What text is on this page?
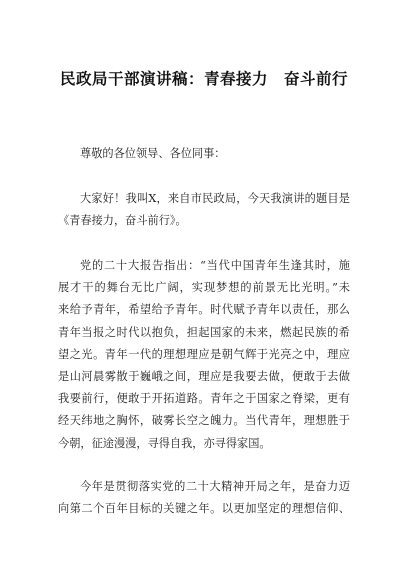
民政局干部演讲稿：青春接力　奋斗前行
尊敬的各位领导、各位同事：
大家好！我叫X，来自市民政局，今天我演讲的题目是
《青春接力，奋斗前行》。
党的二十大报告指出：“当代中国青年生逢其时，施
展才干的舞台无比广阔，实现梦想的前景无比光明。”未
来给予青年，希望给予青年。时代赋予青年以责任，那么
青年当报之时代以抱负，担起国家的未来，燃起民族的希
望之光。青年一代的理想理应是朝气辉于光亮之中，理应
是山河晨雾散于巍峨之间，理应是我要去做，便敢于去做
我要前行，便敢于开拓道路。青年之于国家之脊梁，更有
经天纬地之胸怀，破雾长空之魄力。当代青年，理想胜于
今朝，征途漫漫，寻得自我，亦寻得家国。
今年是贯彻落实党的二十大精神开局之年，是奋力迈
向第二个百年目标的关键之年。以更加坚定的理想信仰、
